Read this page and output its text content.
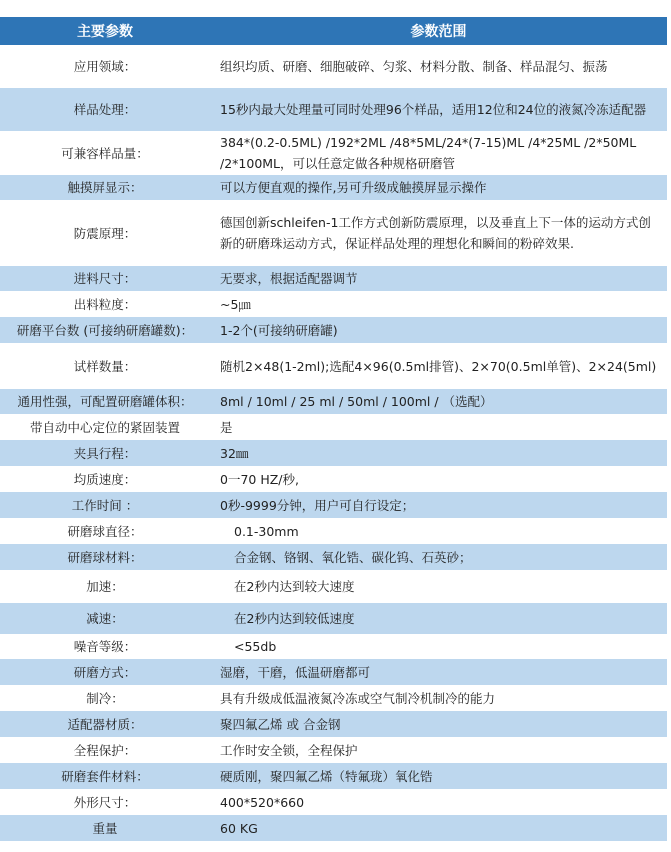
主要参数	参数范围
应用领域：	组织均质、研磨、细胞破碎、匀浆、材料分散、制备、样品混匀、振荡
样品处理：	15秒内最大处理量可同时处理96个样品，适用12位和24位的液氮冷冻适配器
可兼容样品量：	384*(0.2-0.5ML) /192*2ML /48*5ML/24*(7-15)ML /4*25ML /2*50ML /2*100ML，可以任意定做各种规格研磨管
触摸屏显示：	可以方便直观的操作,另可升级成触摸屏显示操作
防震原理：	德国创新schleifen-1工作方式创新防震原理，以及垂直上下一体的运动方式创新的研磨珠运动方式，保证样品处理的理想化和瞬间的粉碎效果.
进料尺寸：	无要求，根据适配器调节
出料粒度：	~5㎛
研磨平台数 (可接纳研磨罐数)：	1-2个(可接纳研磨罐)
试样数量：	随机2×48(1-2ml);选配4×96(0.5ml排管)、2×70(0.5ml单管)、2×24(5ml)
通用性强，可配置研磨罐体积：	8ml / 10ml / 25 ml / 50ml / 100ml / （选配）
带自动中心定位的紧固装置	是
夹具行程：	32㎜
均质速度：	0一70 HZ/秒,
工作时间 ：	0秒-9999分钟，用户可自行设定；
研磨球直径：	0.1-30mm
研磨球材料：	合金钢、铬钢、氧化锆、碳化钨、石英砂；
加速：	在2秒内达到较大速度
减速：	在2秒内达到较低速度
噪音等级：	<55db
研磨方式：	湿磨，干磨，低温研磨都可
制冷：	具有升级成低温液氮冷冻或空气制冷机制冷的能力
适配器材质：	聚四氟乙烯 或 合金钢
全程保护：	工作时安全锁，全程保护
研磨套件材料：	硬质刚，聚四氟乙烯（特氟珑）氧化锆
外形尺寸：	400*520*660
重量	60 KG
